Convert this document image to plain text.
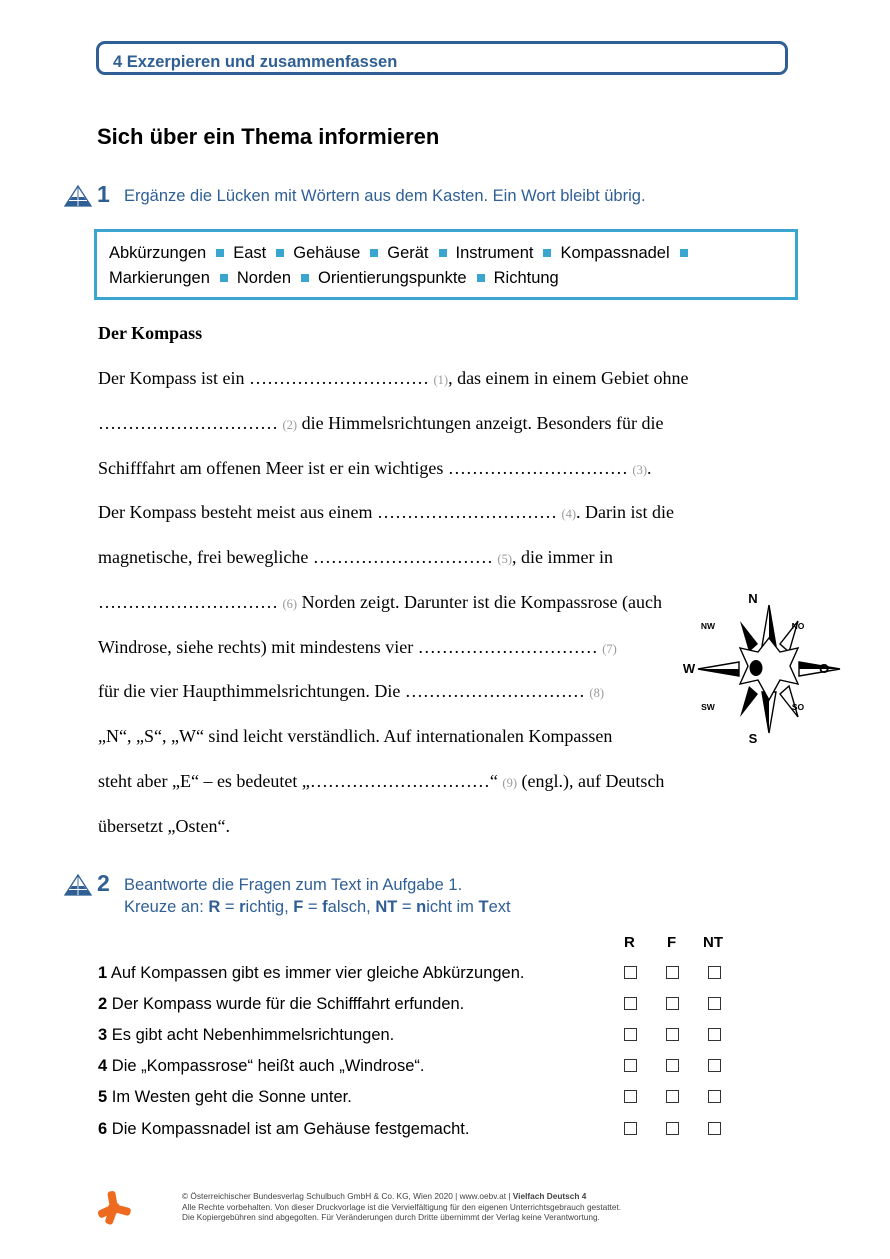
4 Exzerpieren und zusammenfassen
Sich über ein Thema informieren
1 Ergänze die Lücken mit Wörtern aus dem Kasten. Ein Wort bleibt übrig.
Abkürzungen East Gehäuse Gerät Instrument Kompassnadel
Markierungen Norden Orientierungspunkte Richtung
Der Kompass
Der Kompass ist ein ………………………… (1), das einem in einem Gebiet ohne
………………………… (2) die Himmelsrichtungen anzeigt. Besonders für die
Schifffahrt am offenen Meer ist er ein wichtiges ………………………… (3).
Der Kompass besteht meist aus einem ………………………… (4). Darin ist die
magnetische, frei bewegliche ………………………… (5), die immer in
………………………… (6) Norden zeigt. Darunter ist die Kompassrose (auch
Windrose, siehe rechts) mit mindestens vier ………………………… (7)
für die vier Haupthimmelsrichtungen. Die ………………………… (8)
„N“, „S“, „W“ sind leicht verständlich. Auf internationalen Kompassen
steht aber „E“ – es bedeutet „…………………………“ (9) (engl.), auf Deutsch
übersetzt „Osten“.
N
S
W	O
NW	NO
SW	SO
2 Beantworte die Fragen zum Text in Aufgabe 1.
Kreuze an: R = richtig, F = falsch, NT = nicht im Text
R F NT
1 Auf Kompassen gibt es immer vier gleiche Abkürzungen.
2 Der Kompass wurde für die Schifffahrt erfunden.
3 Es gibt acht Nebenhimmelsrichtungen.
4 Die „Kompassrose“ heißt auch „Windrose“.
5 Im Westen geht die Sonne unter.
6 Die Kompassnadel ist am Gehäuse festgemacht.
© Österreichischer Bundesverlag Schulbuch GmbH & Co. KG, Wien 2020 | www.oebv.at | Vielfach Deutsch 4
Alle Rechte vorbehalten. Von dieser Druckvorlage ist die Vervielfältigung für den eigenen Unterrichtsgebrauch gestattet.
Die Kopiergebühren sind abgegolten. Für Veränderungen durch Dritte übernimmt der Verlag keine Verantwortung.
